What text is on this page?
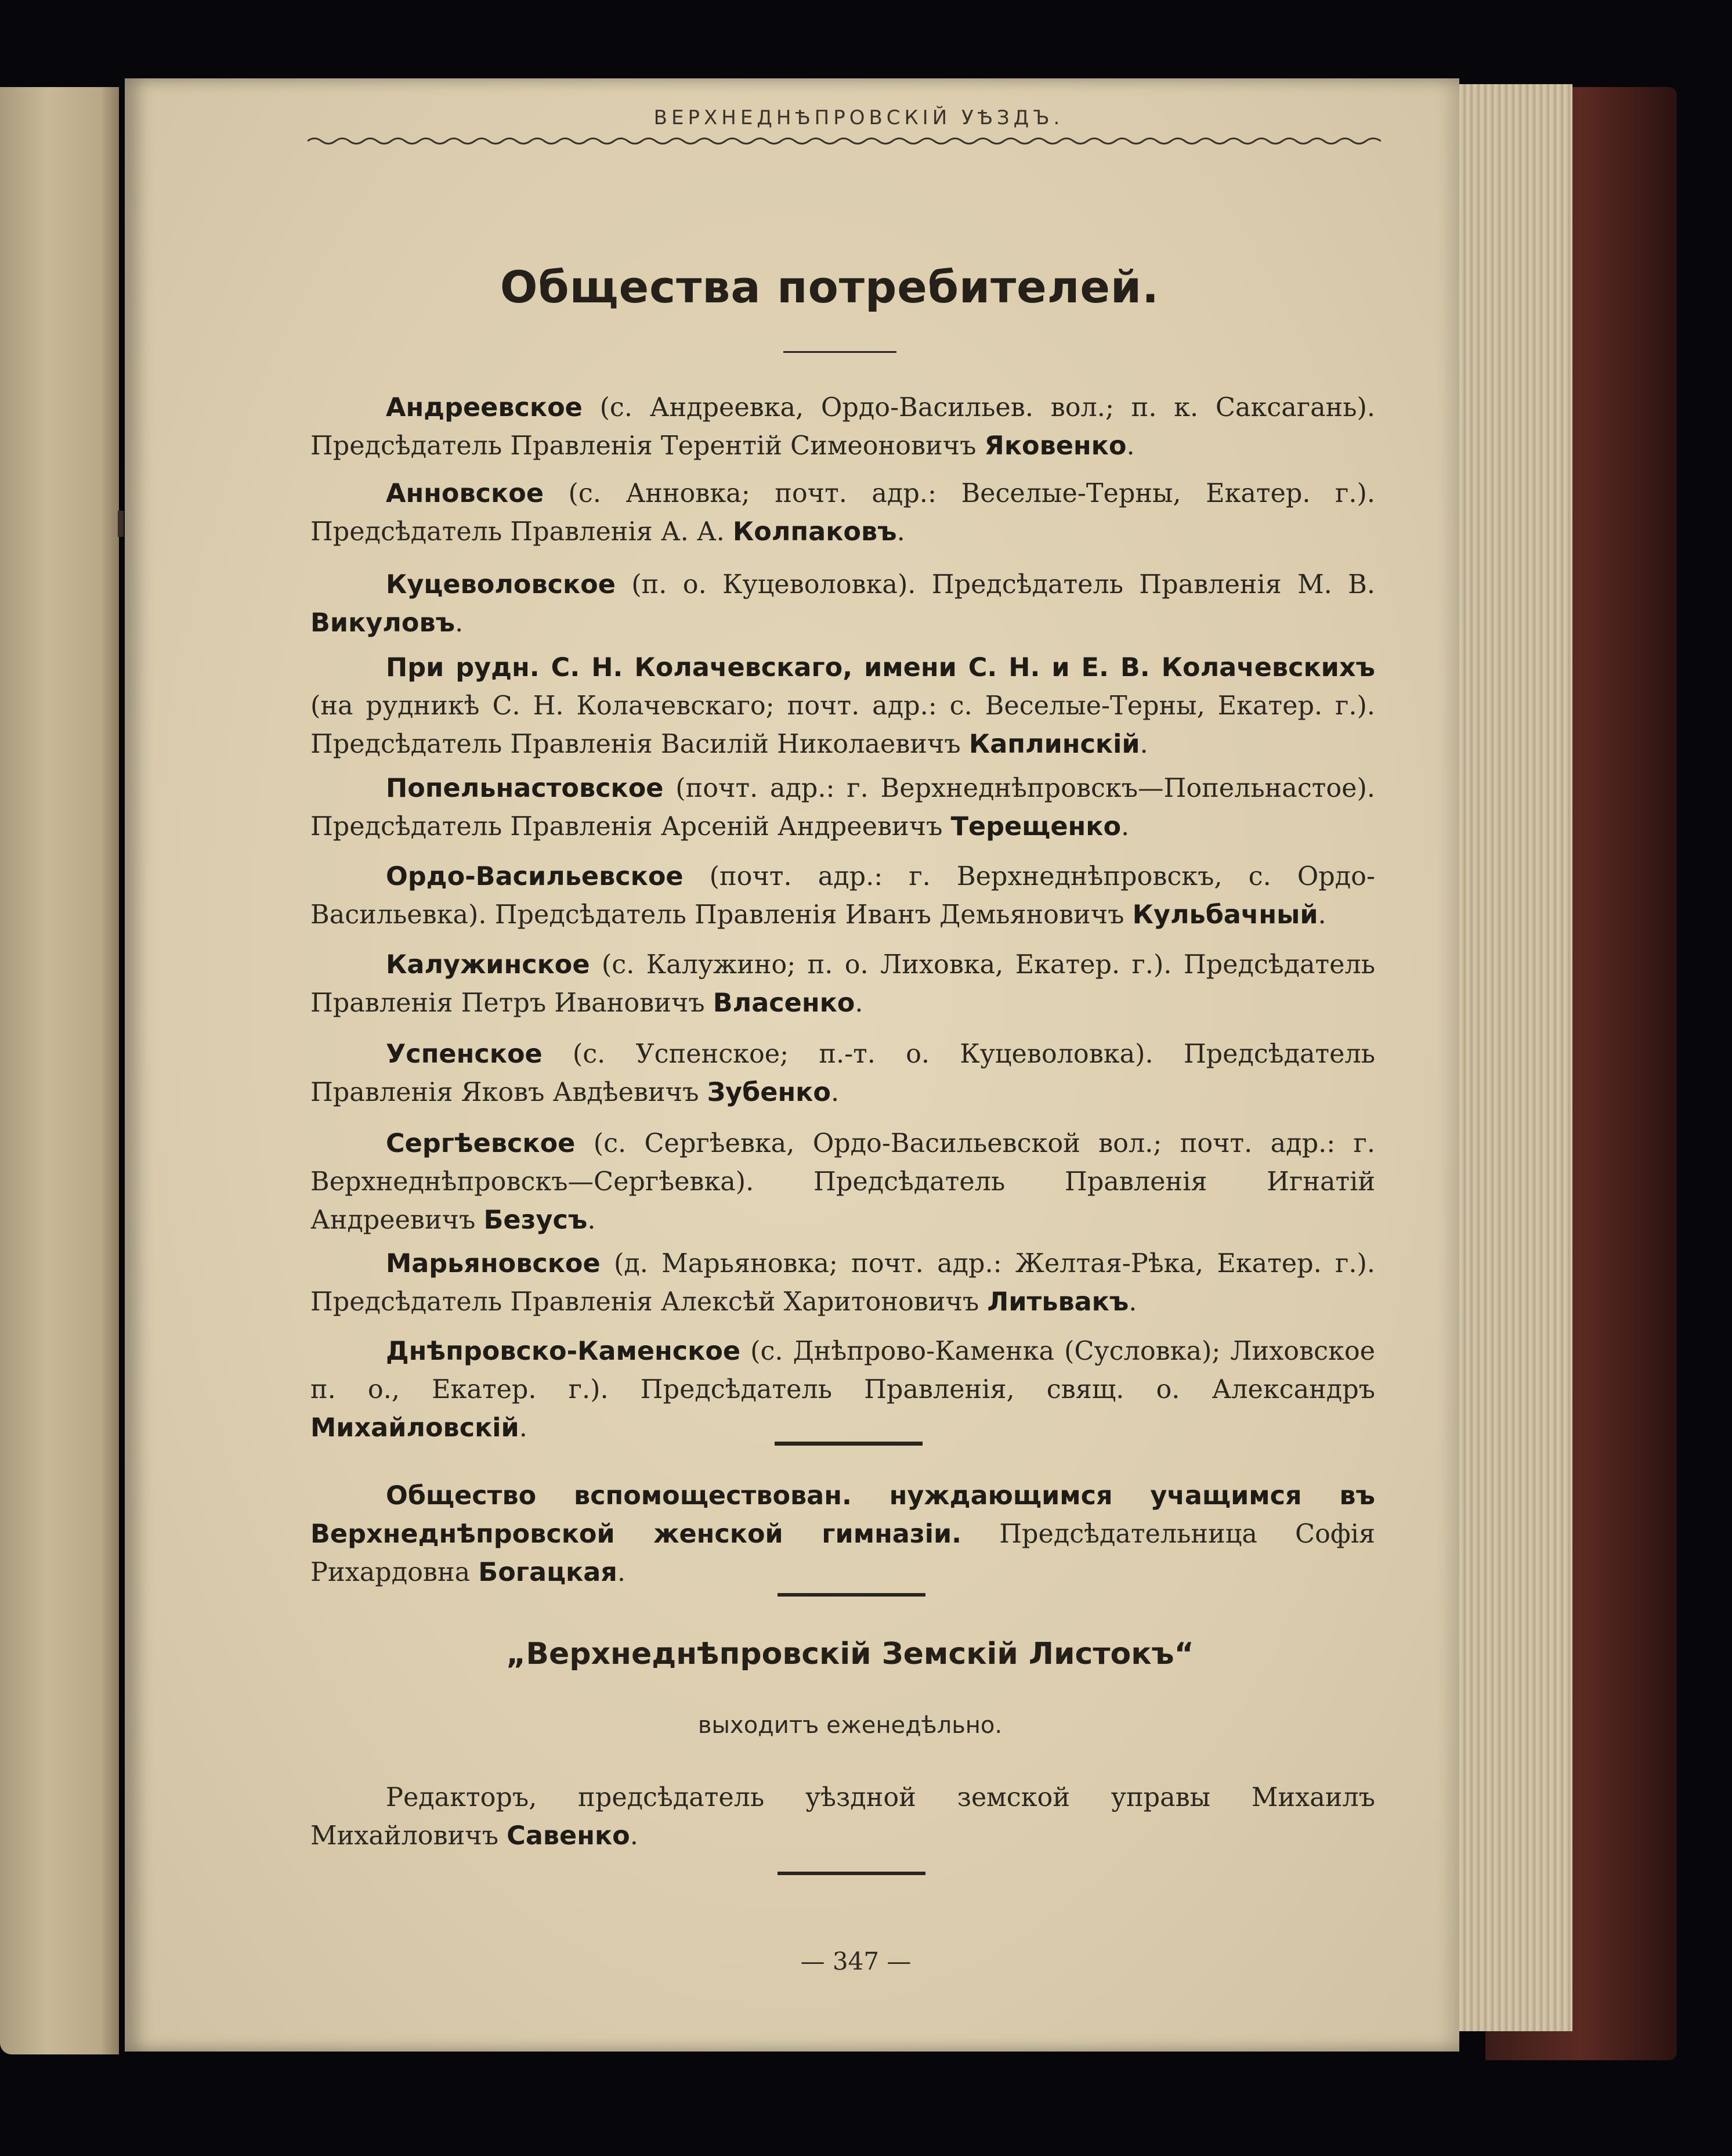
ВЕРХНЕДНѢПРОВСКІЙ УѢЗДЪ.
Общества потребителей.
Андреевское (с. Андреевка, Ордо-Васильев. вол.; п. к. Саксагань). Предсѣдатель Правленія Терентій Симеоновичъ Яковенко.
Анновское (с. Анновка; почт. адр.: Веселые-Терны, Екатер. г.). Предсѣдатель Правленія А. А. Колпаковъ.
Куцеволовское (п. о. Куцеволовка). Предсѣдатель Правленія М. В. Викуловъ.
При рудн. С. Н. Колачевскаго, имени С. Н. и Е. В. Колачевскихъ (на рудникѣ С. Н. Колачевскаго; почт. адр.: с. Веселые-Терны, Екатер. г.). Предсѣдатель Правленія Василій Николаевичъ Каплинскій.
Попельнастовское (почт. адр.: г. Верхнеднѣпровскъ—Попельнастое). Предсѣдатель Правленія Арсеній Андреевичъ Терещенко.
Ордо-Васильевское (почт. адр.: г. Верхнеднѣпровскъ, с. Ордо-Васильевка). Предсѣдатель Правленія Иванъ Демьяновичъ Кульбачный.
Калужинское (с. Калужино; п. о. Лиховка, Екатер. г.). Предсѣдатель Правленія Петръ Ивановичъ Власенко.
Успенское (с. Успенское; п.-т. о. Куцеволовка). Предсѣдатель Правленія Яковъ Авдѣевичъ Зубенко.
Сергѣевское (с. Сергѣевка, Ордо-Васильевской вол.; почт. адр.: г. Верхнеднѣпровскъ—Сергѣевка). Предсѣдатель Правленія Игнатій Андреевичъ Безусъ.
Марьяновское (д. Марьяновка; почт. адр.: Желтая-Рѣка, Екатер. г.). Предсѣдатель Правленія Алексѣй Харитоновичъ Литьвакъ.
Днѣпровско-Каменское (с. Днѣпрово-Каменка (Сусловка); Лиховское п. о., Екатер. г.). Предсѣдатель Правленія, свящ. о. Александръ Михайловскій.
Общество вспомоществован. нуждающимся учащимся въ Верхнеднѣпровской женской гимназіи. Предсѣдательница Софія Рихардовна Богацкая.
„Верхнеднѣпровскій Земскій Листокъ“
выходитъ еженедѣльно.
Редакторъ, предсѣдатель уѣздной земской управы Михаилъ Михайловичъ Савенко.
— 347 —
